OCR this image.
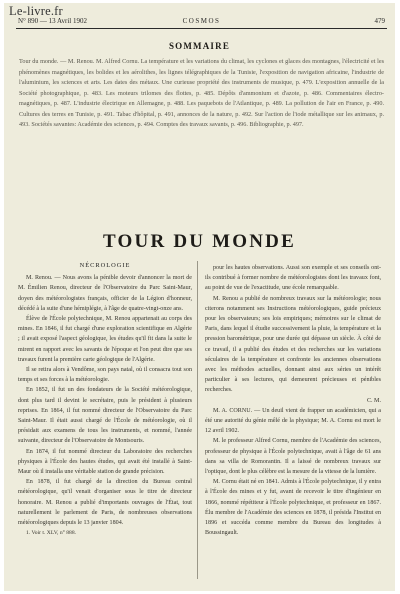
Le-livre.fr
N° 890 — 13 Avril 1902	COSMOS	479
SOMMAIRE
Tour du monde. — M. Renou. M. Alfred Cornu. La température et les variations du climat, les cyclones et glaces des montagnes, l'électricité et les phénomènes magnétiques, les bolides et les aérolithes, les lignes télégraphiques de la Tunisie, l'exposition de navigation africaine, l'industrie de l'aluminium, les sciences et arts. Les dates des métaux. Une curieuse propriété des instruments de musique, p. 479. L'exposition annuelle de la Société photographique, p. 483. Les moteurs trilomes des flottes, p. 485. Dépôts d'ammonium et d'azote, p. 486. Commentaires électro-magnétiques, p. 487. L'industrie électrique en Allemagne, p. 488. Les paquebots de l'Atlantique, p. 489. La pollution de l'air en France, p. 490. Cultures des terres en Tunisie, p. 491. Tabac d'hôpital, p. 491, annonces de la nature, p. 492. Sur l'action de l'iode métallique sur les animaux, p. 493. Sociétés savantes: Académie des sciences, p. 494. Comptes des travaux savants, p. 496. Bibliographie, p. 497.
TOUR DU MONDE
NÉCROLOGIE

M. Renou. — Nous avons la pénible devoir d'annoncer la mort de M. Émilien Renou, directeur de l'Observatoire du Parc Saint-Maur, doyen des météorologistes français, officier de la Légion d'honneur, décédé à la suite d'une hémiplégie, à l'âge de quatre-vingt-onze ans.

Élève de l'École polytechnique, M. Renou appartenait au corps des mines. En 1846, il fut chargé d'une exploration scientifique en Algérie ; il avait exposé l'aspect géologique, les études qu'il fit dans la suite le mirent en rapport avec les savants de l'époque et l'on peut dire que ses travaux furent la première carte géologique de l'Algérie.

Il se retira alors à Vendôme, son pays natal, où il consacra tout son temps et ses forces à la météorologie.

En 1852, il fut un des fondateurs de la Société météorologique, dont plus tard il devint le secrétaire, puis le président à plusieurs reprises. En 1864, il fut nommé directeur de l'Observatoire du Parc Saint-Maur. Il était aussi chargé de l'École de météorologie, où il présidait aux examens de tous les instruments, et nommé, l'année suivante, directeur de l'Observatoire de Montsouris.

En 1874, il fut nommé directeur du Laboratoire des recherches physiques à l'École des hautes études, qui avait été installé à Saint-Maur où il installa une véritable station de grande précision.

En 1878, il fut chargé de la direction du Bureau central météorologique, qu'il venait d'organiser sous le titre de directeur honoraire. M. Renou a publié d'importants ouvrages de l'État, tout naturellement le parlement de Paris, de nombreuses observations météorologiques depuis le 13 janvier 1804.

1. Voir t. XLV, n° 888.

pour les hautes observations. Aussi son exemple et ses conseils ont-ils contribué à former nombre de météorologistes dont les travaux font, au point de vue de l'exactitude, une école remarquable.

M. Renou a publié de nombreux travaux sur la météorologie; nous citerons notamment ses Instructions météorologiques, guide précieux pour les observateurs; ses lois empiriques; mémoires sur le climat de Paris, dans lequel il étudie successivement la pluie, la température et la pression barométrique, pour une durée qui dépasse un siècle. À côté de ce travail, il a publié des études et des recherches sur les variations séculaires de la température et confronte les anciennes observations avec les méthodes actuelles, donnant ainsi aux séries un intérêt particulier à ses lectures, qui demeurent précieuses et pénibles recherches.

C. M.

M. A. CORNU. — Un deuil vient de frapper un académicien, qui a été une autorité du génie mêlé de la physique; M. A. Cornu est mort le 12 avril 1902.

M. le professeur Alfred Cornu, membre de l'Académie des sciences, professeur de physique à l'École polytechnique, avait à l'âge de 61 ans dans sa villa de Romorantin. Il a laissé de nombreux travaux sur l'optique, dont le plus célèbre est la mesure de la vitesse de la lumière.

M. Cornu était né en 1841. Admis à l'École polytechnique, il y entra à l'École des mines et y fut, avant de recevoir le titre d'ingénieur en 1866, nommé répétiteur à l'École polytechnique, et professeur en 1867. Élu membre de l'Académie des sciences en 1878, il présida l'Institut en 1896 et succéda comme membre du Bureau des longitudes à Boussingault.
